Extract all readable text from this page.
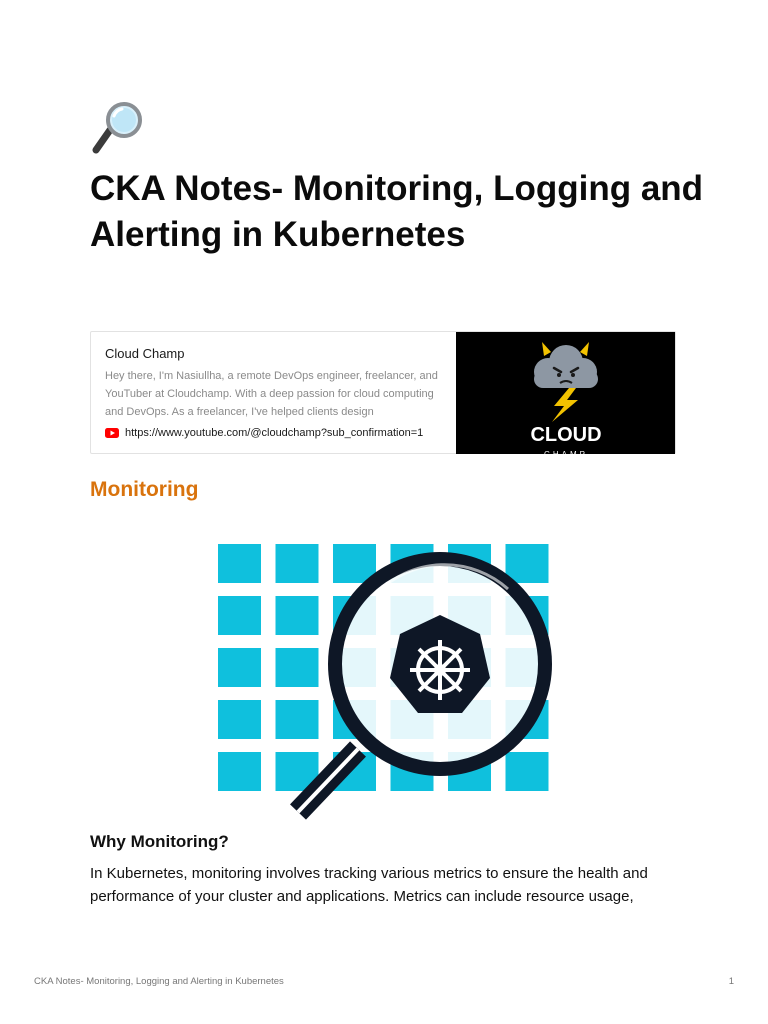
CKA Notes- Monitoring, Logging and Alerting in Kubernetes
Cloud Champ
Hey there, I'm Nasiullha, a remote DevOps engineer, freelancer, and YouTuber at Cloudchamp. With a deep passion for cloud computing and DevOps. As a freelancer, I've helped clients design
https://www.youtube.com/@cloudchamp?sub_confirmation=1	CLOUD
CHAMP
Monitoring
Why Monitoring?

In Kubernetes, monitoring involves tracking various metrics to ensure the health and performance of your cluster and applications. Metrics can include resource usage,

CKA Notes- Monitoring, Logging and Alerting in Kubernetes	1
